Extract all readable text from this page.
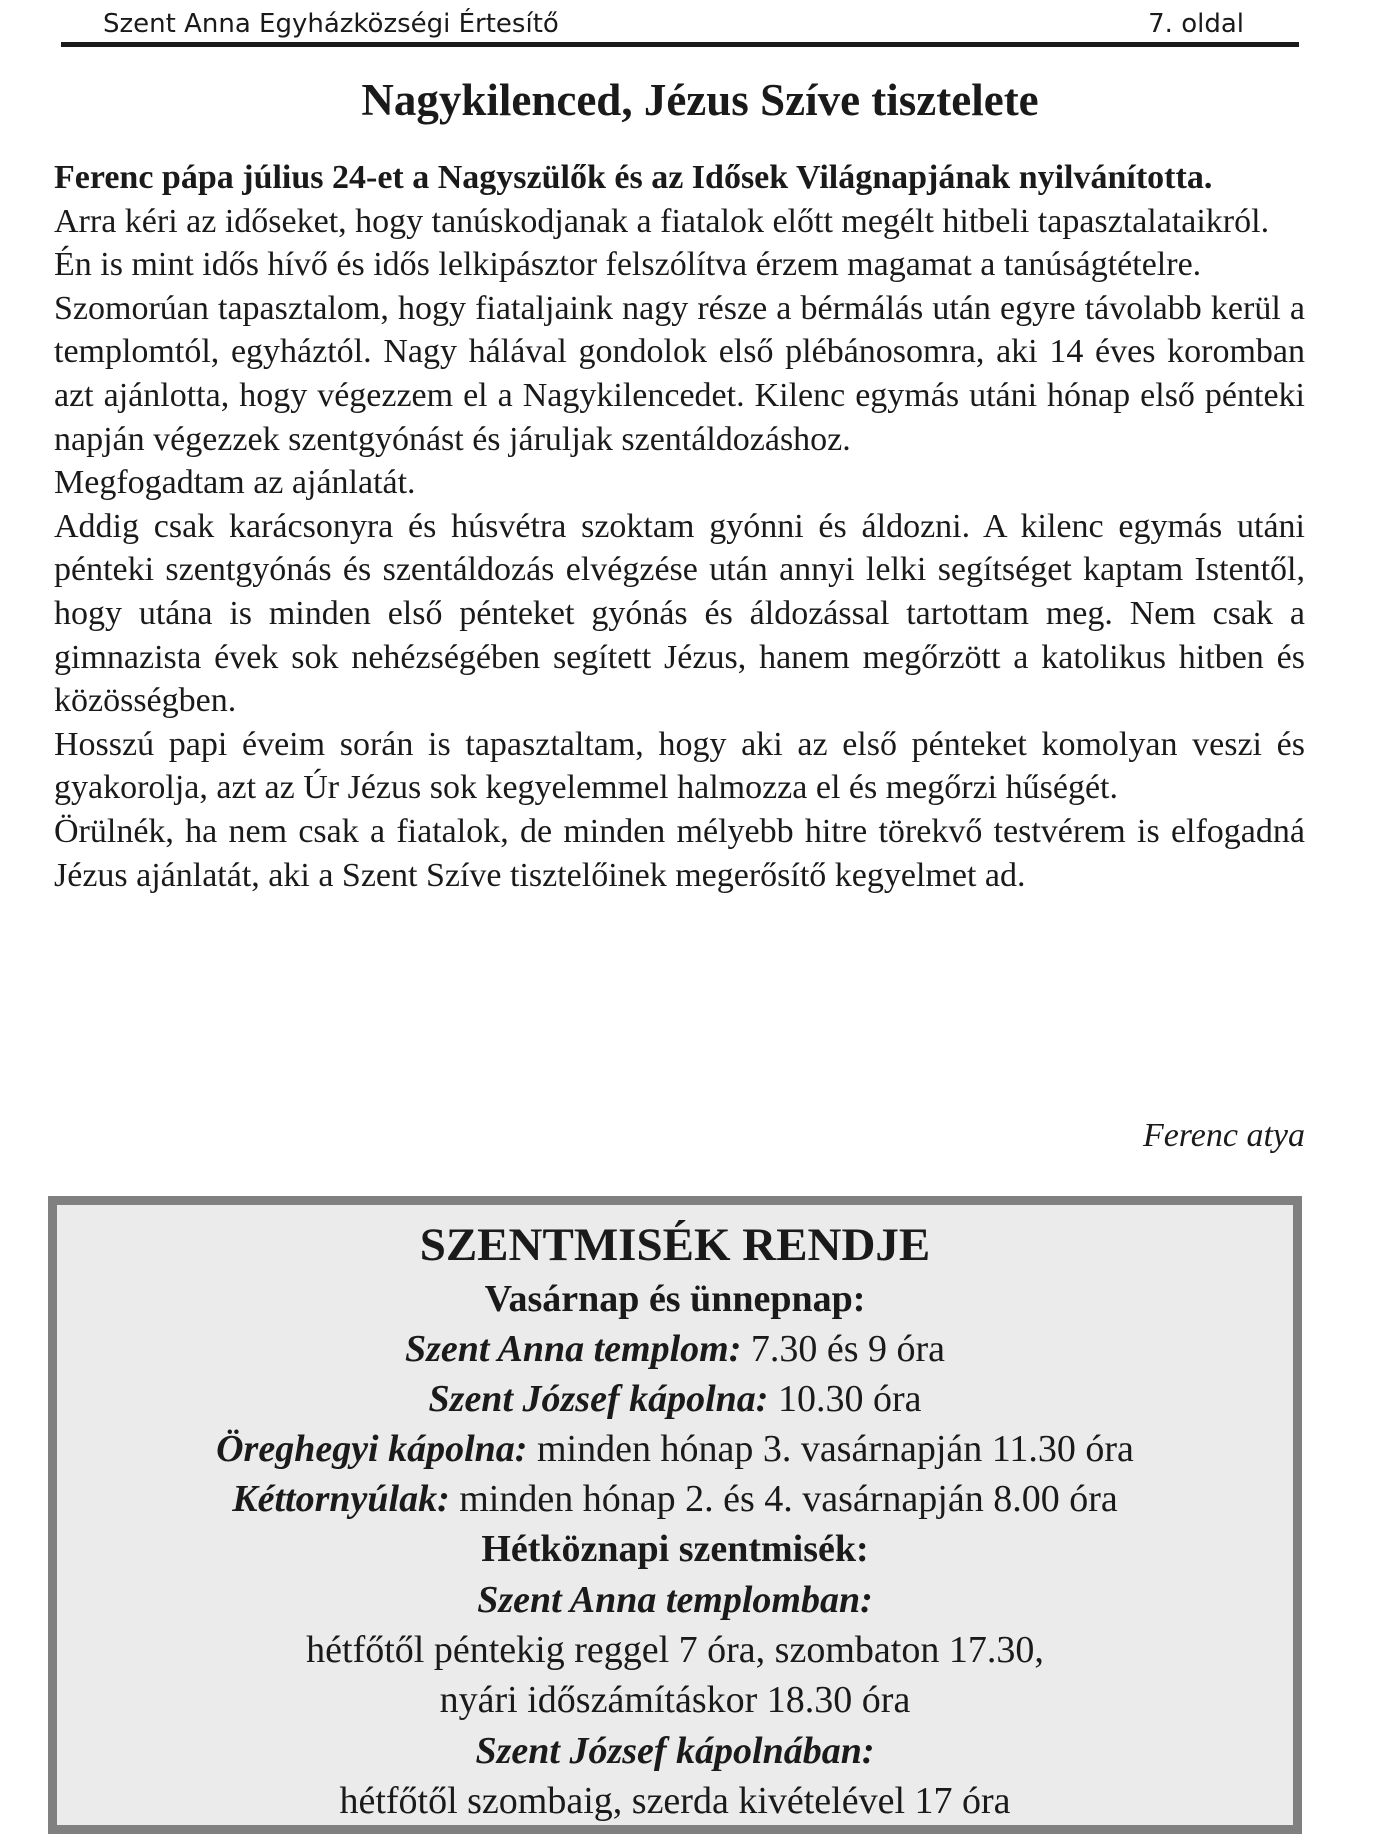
Szent Anna Egyházközségi Értesítő	7. oldal
Nagykilenced, Jézus Szíve tisztelete

Ferenc pápa július 24-et a Nagyszülők és az Idősek Világnapjának nyilvánította.

Arra kéri az időseket, hogy tanúskodjanak a fiatalok előtt megélt hitbeli tapasztalataikról.

Én is mint idős hívő és idős lelkipásztor felszólítva érzem magamat a tanúságtételre.

Szomorúan tapasztalom, hogy fiataljaink nagy része a bérmálás után egyre távolabb kerül a templomtól, egyháztól. Nagy hálával gondolok első plébánosomra, aki 14 éves koromban azt ajánlotta, hogy végezzem el a Nagykilencedet. Kilenc egymás utáni hónap első pénteki napján végezzek szentgyónást és járuljak szentáldozáshoz.

Megfogadtam az ajánlatát.

Addig csak karácsonyra és húsvétra szoktam gyónni és áldozni. A kilenc egymás utáni pénteki szentgyónás és szentáldozás elvégzése után annyi lelki segítséget kaptam Istentől, hogy utána is minden első pénteket gyónás és áldozással tartottam meg. Nem csak a gimnazista évek sok nehézségében segített Jézus, hanem megőrzött a katolikus hitben és közösségben.

Hosszú papi éveim során is tapasztaltam, hogy aki az első pénteket komolyan veszi és gyakorolja, azt az Úr Jézus sok kegyelemmel halmozza el és megőrzi hűségét.

Örülnék, ha nem csak a fiatalok, de minden mélyebb hitre törekvő testvérem is elfogadná Jézus ajánlatát, aki a Szent Szíve tisztelőinek megerősítő kegyelmet ad.

Ferenc atya
SZENTMISÉK RENDJE
Vasárnap és ünnepnap:
Szent Anna templom: 7.30 és 9 óra
Szent József kápolna: 10.30 óra
Öreghegyi kápolna: minden hónap 3. vasárnapján 11.30 óra
Kéttornyúlak: minden hónap 2. és 4. vasárnapján 8.00 óra
Hétköznapi szentmisék:
Szent Anna templomban:
hétfőtől péntekig reggel 7 óra, szombaton 17.30,
nyári időszámításkor 18.30 óra
Szent József kápolnában:
hétfőtől szombaig, szerda kivételével 17 óra
